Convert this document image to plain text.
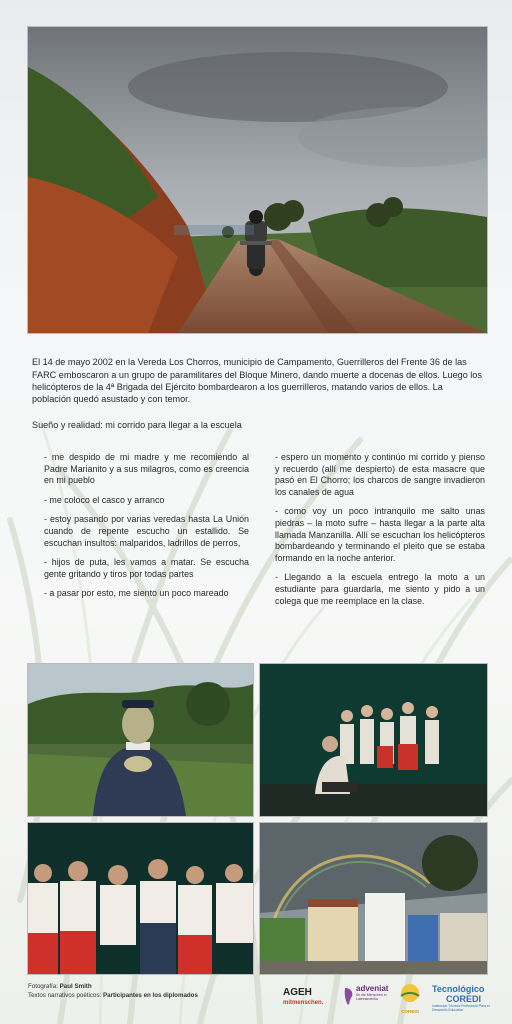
El 14 de mayo 2002 en la Vereda Los Chorros, municipio de Campamento, Guerrilleros del Frente 36 de las FARC emboscaron a un grupo de paramilitares del Bloque Minero, dando muerte a docenas de ellos. Luego los helicópteros de la 4ª Brigada del Ejército bombardearon a los guerrilleros, matando varios de ellos. La población quedó asustado y con temor.

Sueño y realidad: mi corrido para llegar a la escuela

- me despido de mi madre y me recomiendo al Padre Marianito y a sus milagros, como es creencia en mi pueblo

- me coloco el casco y arranco

- estoy pasando por varias veredas hasta La Unión cuando de repente escucho un estallido. Se escuchan insultos: malparidos, ladrillos de perros,

- hijos de puta, les vamos a matar. Se escucha gente gritando y tiros por todas partes

- a pasar por esto, me siento un poco mareado

- espero un momento y continúo mi corrido y pienso y recuerdo (allí me despierto) de esta masacre que pasó en El Chorro; los charcos de sangre invadieron los canales de agua

- como voy un poco intranquilo me salto unas piedras – la moto sufre – hasta llegar a la parte alta llamada Manzanilla. Allí se escuchan los helicópteros bombardeando y terminando el pleito que se estaba formando en la noche anterior.

- Llegando a la escuela entrego la moto a un estudiante para guardarla, me siento y pido a un colega que me reemplace en la clase.

Fotografía: Paul Smith
Textos narrativos poéticos: Participantes en los diplomados	AGEH
mitmenschen.
adveniat
für die Menschen in Lateinamerika
COREDI
Tecnológico
COREDI
Institución Técnica Profesional Para el Desarrollo Educativo
